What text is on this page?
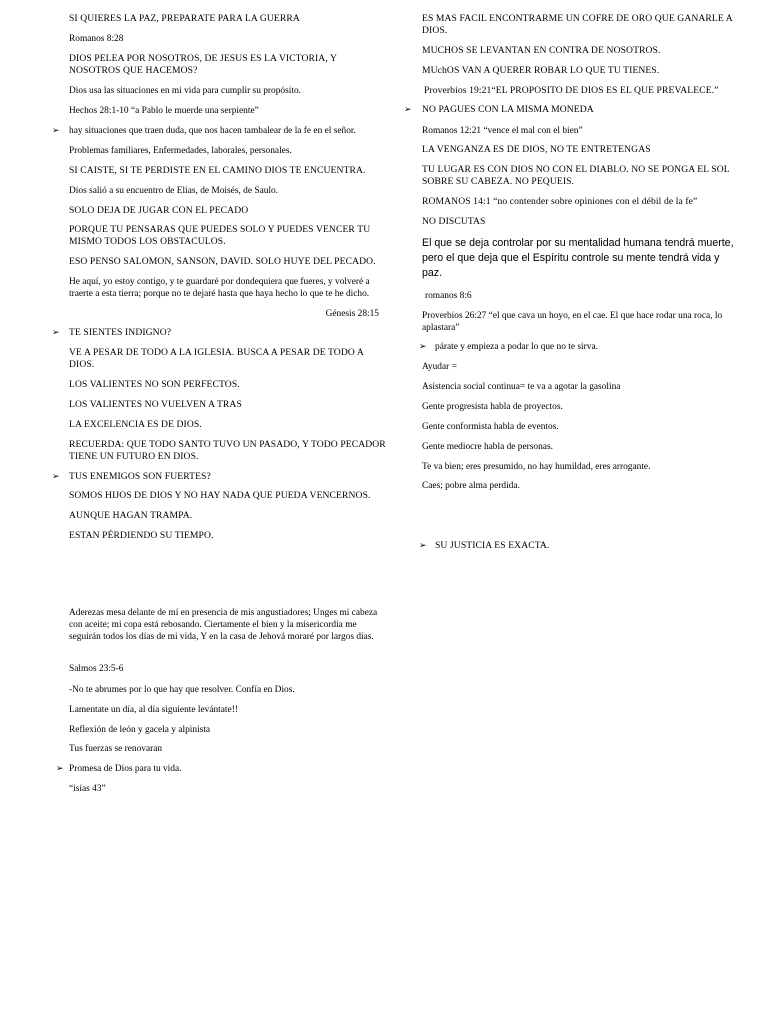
SI QUIERES LA PAZ, PREPARATE PARA LA GUERRA

Romanos 8:28

DIOS PELEA POR NOSOTROS, DE JESUS ES LA VICTORIA, Y NOSOTROS QUE HACEMOS?

Dios usa las situaciones en mi vida para cumplir su propósito.

Hechos 28:1-10 “a Pablo le muerde una serpiente”

➢ hay situaciones que traen duda, que nos hacen tambalear de la fe en el señor.

Problemas familiares, Enfermedades, laborales, personales.

SI CAISTE, SI TE PERDISTE EN EL CAMINO DIOS TE ENCUENTRA.

Dios salió a su encuentro de Elías, de Moisés, de Saulo.

SOLO DEJA DE JUGAR CON EL PECADO

PORQUE TU PENSARAS QUE PUEDES SOLO Y PUEDES VENCER TU MISMO TODOS LOS OBSTACULOS.

ESO PENSO SALOMON, SANSON, DAVID. SOLO HUYE DEL PECADO.

He aquí, yo estoy contigo, y te guardaré por dondequiera que fueres, y volveré a traerte a esta tierra; porque no te dejaré hasta que haya hecho lo que te he dicho.

Génesis 28:15

➢ TE SIENTES INDIGNO?

VE A PESAR DE TODO A LA IGLESIA. BUSCA A PESAR DE TODO A DIOS.

LOS VALIENTES NO SON PERFECTOS.

LOS VALIENTES NO VUELVEN A TRAS

LA EXCELENCIA ES DE DIOS.

RECUERDA: QUE TODO SANTO TUVO UN PASADO, Y TODO PECADOR TIENE UN FUTURO EN DIOS.

➢ TUS ENEMIGOS SON FUERTES?

SOMOS HIJOS DE DIOS Y NO HAY NADA QUE PUEDA VENCERNOS.

AUNQUE HAGAN TRAMPA.

ESTAN PÉRDIENDO SU TIEMPO.

Aderezas mesa delante de mí en presencia de mis angustiadores; Unges mi cabeza con aceite; mi copa está rebosando. Ciertamente el bien y la misericordia me seguirán todos los días de mi vida, Y en la casa de Jehová moraré por largos días.

Salmos 23:5-6

-No te abrumes por lo que hay que resolver. Confía en Dios.

Lamentate un día, al día siguiente levántate!!

Reflexión de león y gacela y alpinista

Tus fuerzas se renovaran

➢ Promesa de Dios para tu vida.

“isías 43”

ES MAS FACIL ENCONTRARME UN COFRE DE ORO QUE GANARLE A DIOS.

MUCHOS SE LEVANTAN EN CONTRA DE NOSOTROS.

MUchOS VAN A QUERER ROBAR LO QUE TU TIENES.

Proverbios 19:21“EL PROPOSITO DE DIOS ES EL QUE PREVALECE.”

➢ NO PAGUES CON LA MISMA MONEDA

Romanos 12:21 “vence el mal con el bien”

LA VENGANZA ES DE DIOS, NO TE ENTRETENGAS

TU LUGAR ES CON DIOS NO CON EL DIABLO. NO SE PONGA EL SOL SOBRE SU CABEZA. NO PEQUEIS.

ROMANOS 14:1 “no contender sobre opiniones con el débil de la fe”

NO DISCUTAS

El que se deja controlar por su mentalidad humana tendrá muerte, pero el que deja que el Espíritu controle su mente tendrá vida y paz.

romanos 8:6

Proverbios 26:27 “el que cava un hoyo, en el cae. El que hace rodar una roca, lo aplastara”

➢ párate y empieza a podar lo que no te sirva.

Ayudar =

Asistencia social continua= te va a agotar la gasolina

Gente progresista habla de proyectos.

Gente conformista habla de eventos.

Gente mediocre habla de personas.

Te va bien; eres presumido, no hay humildad, eres arrogante.

Caes; pobre alma perdida.

➢ SU JUSTICIA ES EXACTA.
